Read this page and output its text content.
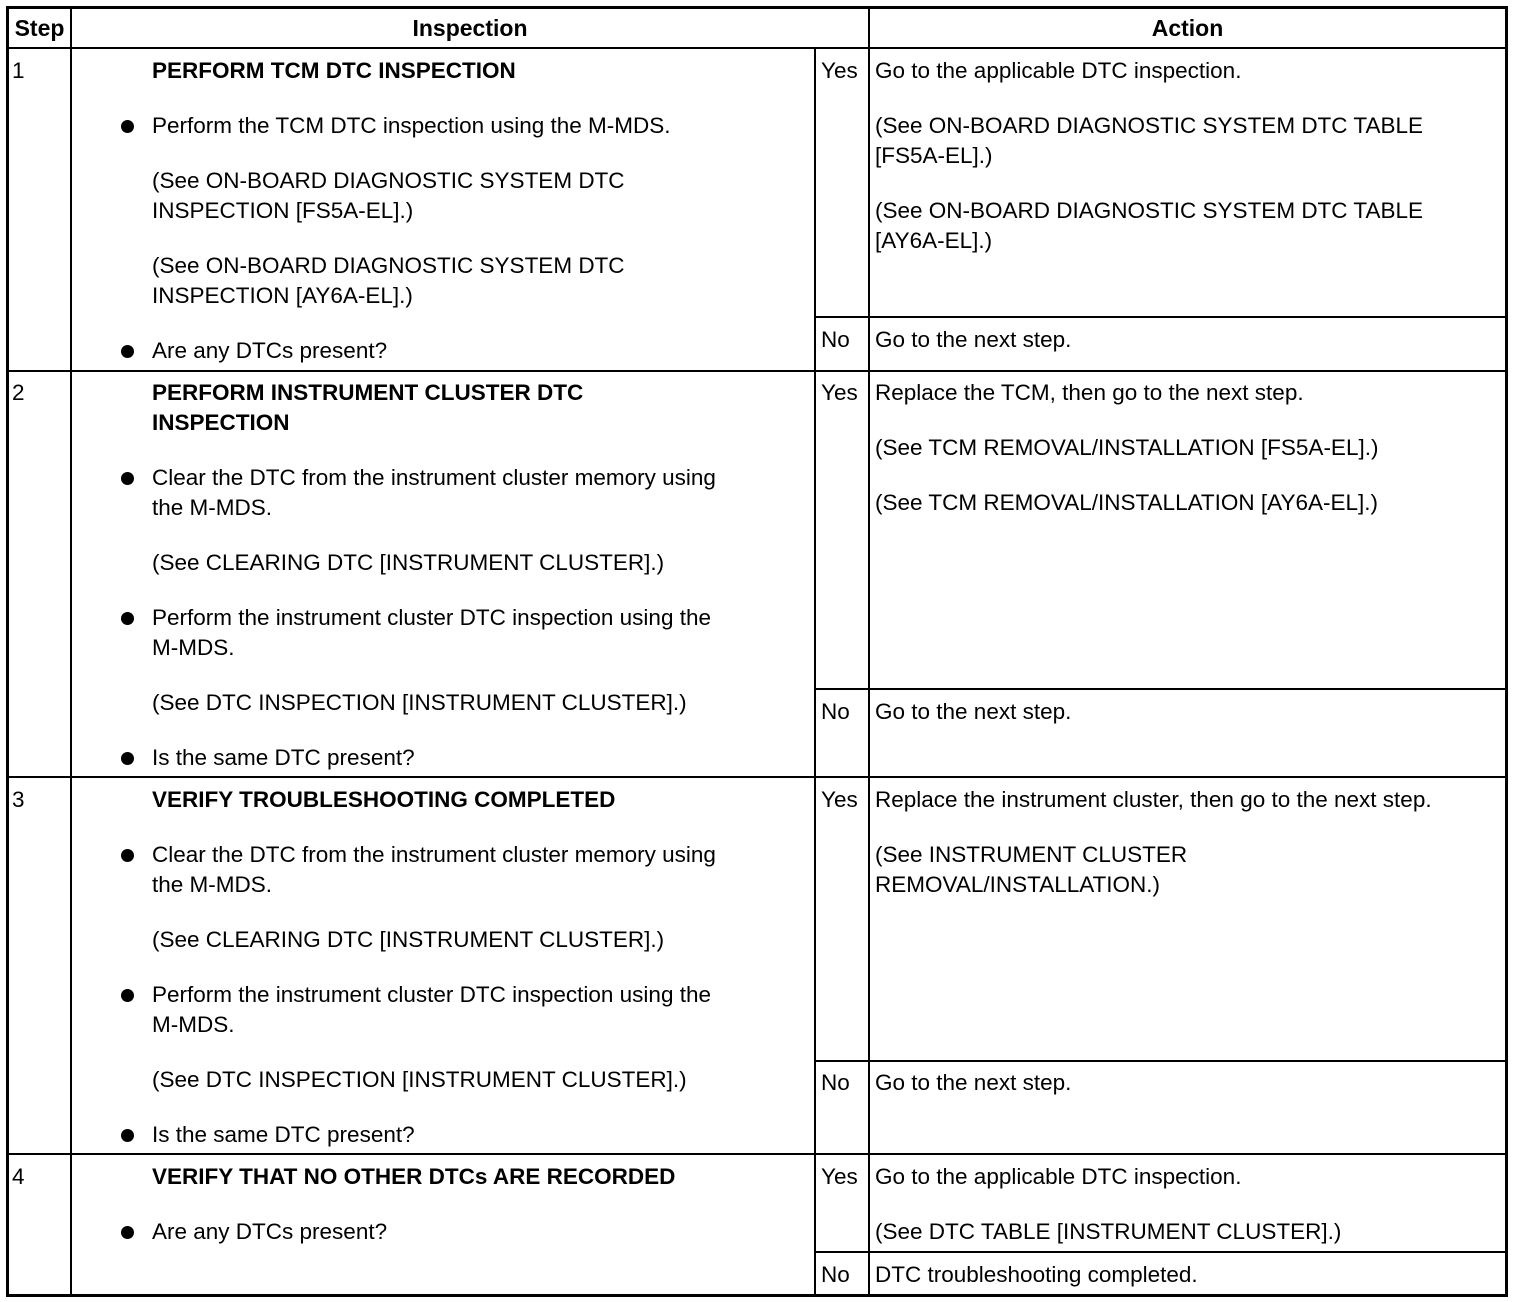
Step	Inspection	Action
1	PERFORM TCM DTC INSPECTION
Perform the TCM DTC inspection using the M-MDS.
(See ON-BOARD DIAGNOSTIC SYSTEM DTC
INSPECTION [FS5A-EL].)
(See ON-BOARD DIAGNOSTIC SYSTEM DTC
INSPECTION [AY6A-EL].)
Are any DTCs present?
Yes Go to the applicable DTC inspection.
(See ON-BOARD DIAGNOSTIC SYSTEM DTC TABLE
[FS5A-EL].)
(See ON-BOARD DIAGNOSTIC SYSTEM DTC TABLE
[AY6A-EL].)
No Go to the next step.
2	PERFORM INSTRUMENT CLUSTER DTC
INSPECTION
Clear the DTC from the instrument cluster memory using
the M-MDS.
(See CLEARING DTC [INSTRUMENT CLUSTER].)
Perform the instrument cluster DTC inspection using the
M-MDS.
(See DTC INSPECTION [INSTRUMENT CLUSTER].)
Is the same DTC present?
Yes Replace the TCM, then go to the next step.
(See TCM REMOVAL/INSTALLATION [FS5A-EL].)
(See TCM REMOVAL/INSTALLATION [AY6A-EL].)
No Go to the next step.
3	VERIFY TROUBLESHOOTING COMPLETED
Clear the DTC from the instrument cluster memory using
the M-MDS.
(See CLEARING DTC [INSTRUMENT CLUSTER].)
Perform the instrument cluster DTC inspection using the
M-MDS.
(See DTC INSPECTION [INSTRUMENT CLUSTER].)
Is the same DTC present?
Yes Replace the instrument cluster, then go to the next step.
(See INSTRUMENT CLUSTER
REMOVAL/INSTALLATION.)
No Go to the next step.
4	VERIFY THAT NO OTHER DTCs ARE RECORDED
Are any DTCs present?
Yes Go to the applicable DTC inspection.
(See DTC TABLE [INSTRUMENT CLUSTER].)
No DTC troubleshooting completed.
